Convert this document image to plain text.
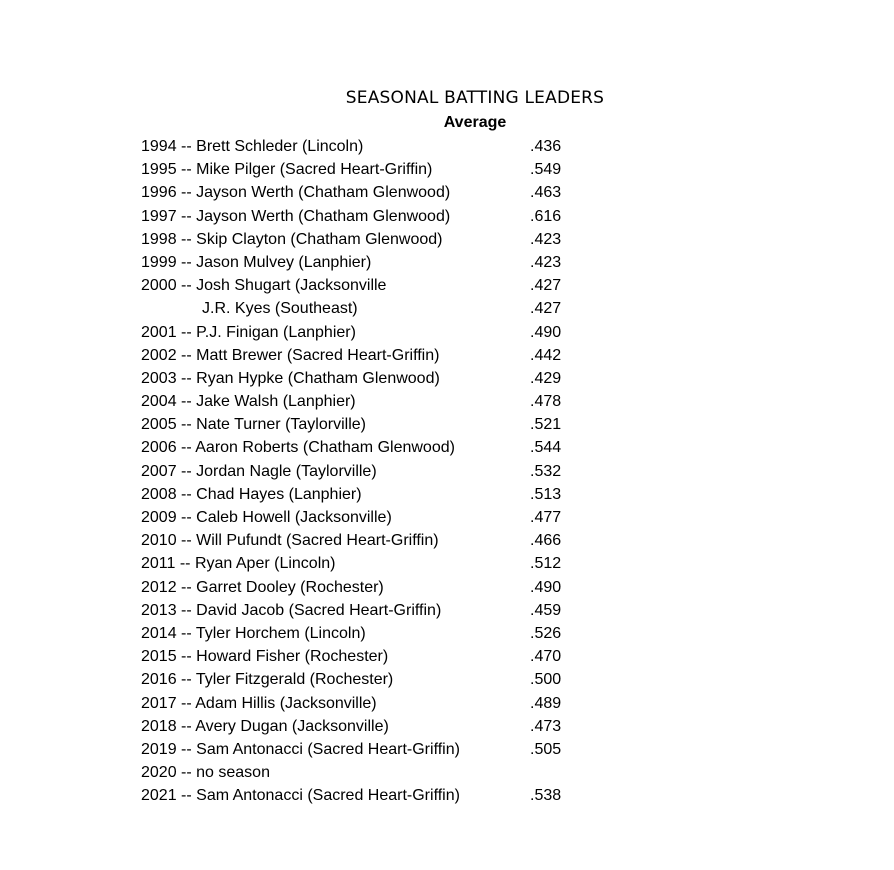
SEASONAL BATTING LEADERS
Average
1994 -- Brett Schleder (Lincoln)	.436
1995 -- Mike Pilger (Sacred Heart-Griffin)	.549
1996 -- Jayson Werth (Chatham Glenwood)	.463
1997 -- Jayson Werth (Chatham Glenwood)	.616
1998 -- Skip Clayton (Chatham Glenwood)	.423
1999 -- Jason Mulvey (Lanphier)	.423
2000 -- Josh Shugart (Jacksonville	.427
J.R. Kyes (Southeast)	.427
2001 -- P.J. Finigan (Lanphier)	.490
2002 -- Matt Brewer (Sacred Heart-Griffin)	.442
2003 -- Ryan Hypke (Chatham Glenwood)	.429
2004 -- Jake Walsh (Lanphier)	.478
2005 -- Nate Turner (Taylorville)	.521
2006 -- Aaron Roberts (Chatham Glenwood)	.544
2007 -- Jordan Nagle (Taylorville)	.532
2008 -- Chad Hayes (Lanphier)	.513
2009 -- Caleb Howell (Jacksonville)	.477
2010 -- Will Pufundt (Sacred Heart-Griffin)	.466
2011 -- Ryan Aper (Lincoln)	.512
2012 -- Garret Dooley (Rochester)	.490
2013 -- David Jacob (Sacred Heart-Griffin)	.459
2014 -- Tyler Horchem (Lincoln)	.526
2015 -- Howard Fisher (Rochester)	.470
2016 -- Tyler Fitzgerald (Rochester)	.500
2017 -- Adam Hillis (Jacksonville)	.489
2018 -- Avery Dugan (Jacksonville)	.473
2019 -- Sam Antonacci (Sacred Heart-Griffin)	.505
2020 -- no season
2021 -- Sam Antonacci (Sacred Heart-Griffin)	.538
